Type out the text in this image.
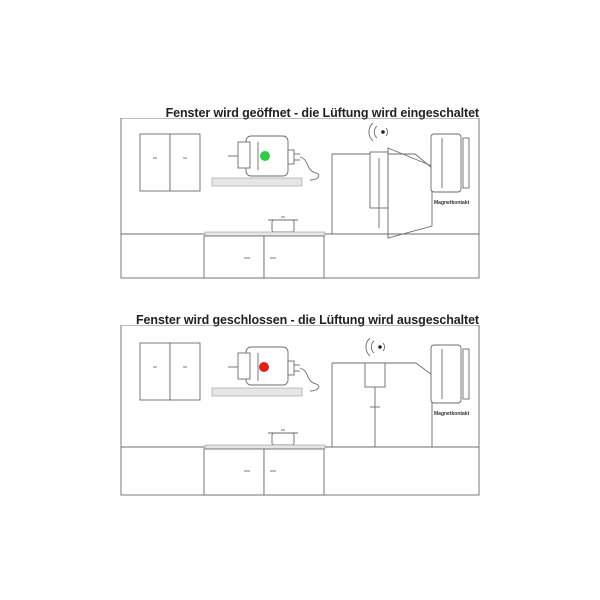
Fenster wird geöffnet - die Lüftung wird eingeschaltet
Magnetkontakt
Fenster wird geschlossen - die Lüftung wird ausgeschaltet
Magnetkontakt
